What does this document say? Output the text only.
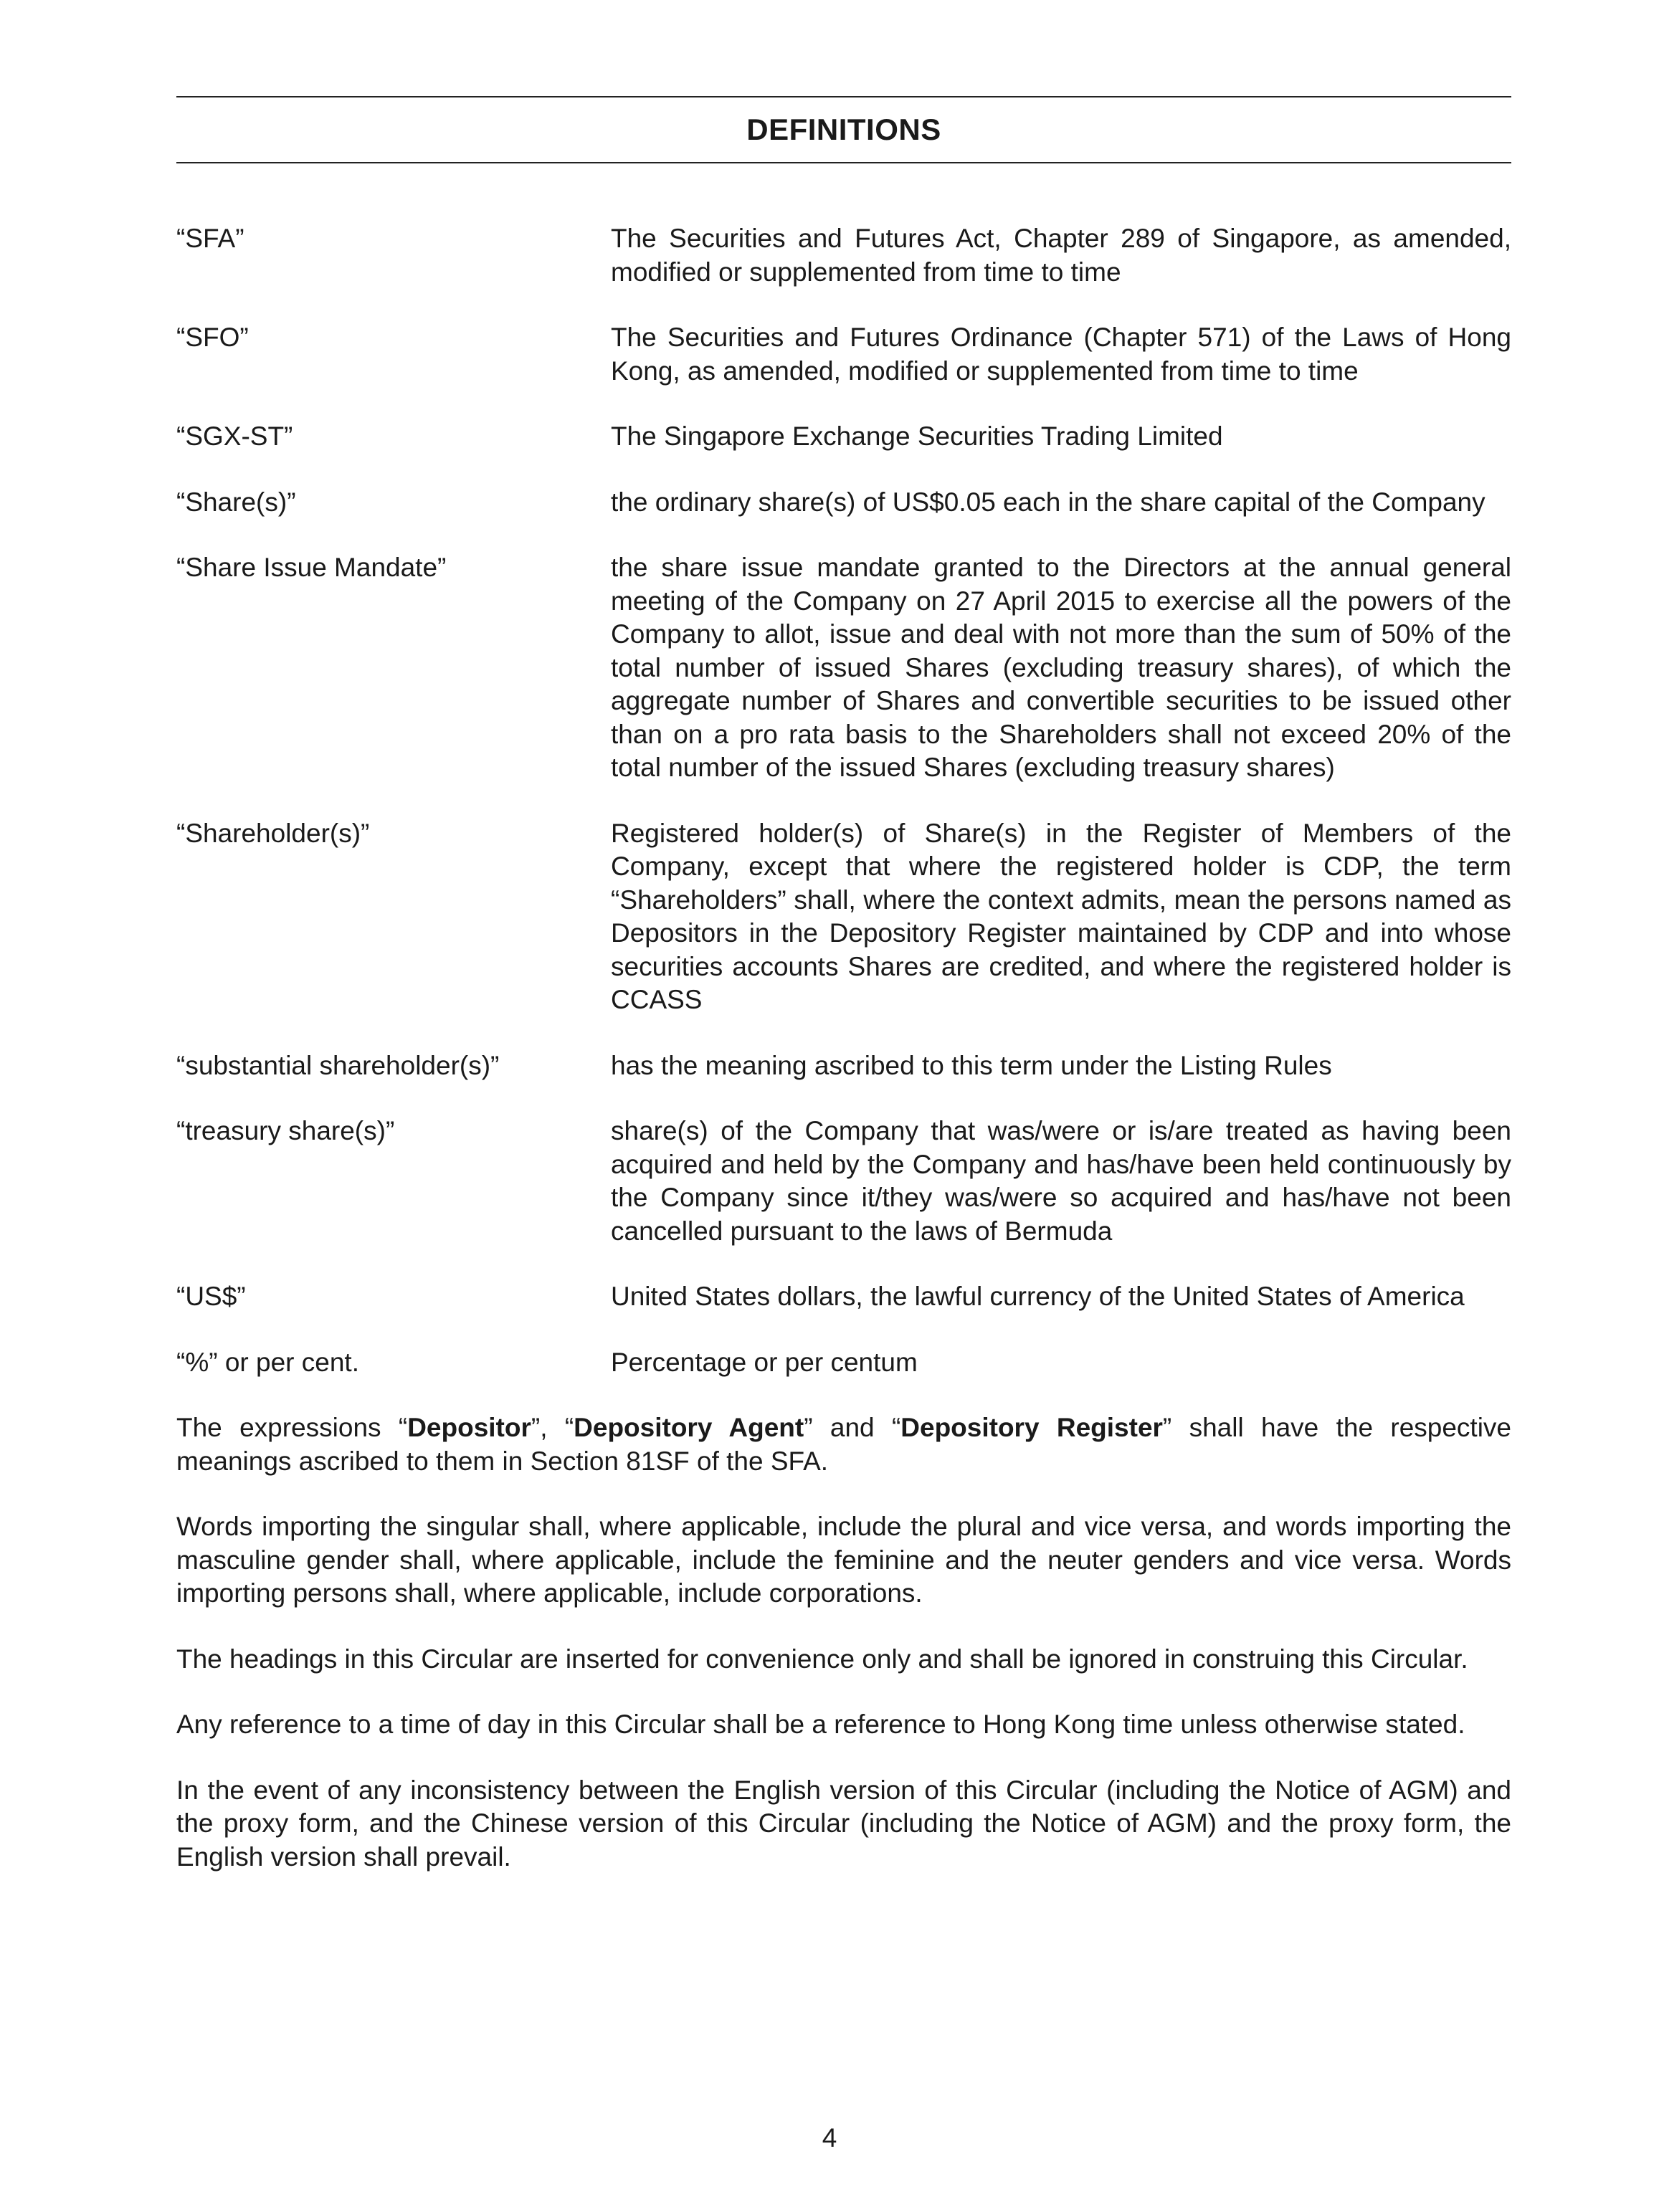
DEFINITIONS
“SFA”	The Securities and Futures Act, Chapter 289 of Singapore, as amended, modified or supplemented from time to time
“SFO”	The Securities and Futures Ordinance (Chapter 571) of the Laws of Hong Kong, as amended, modified or supplemented from time to time
“SGX-ST”	The Singapore Exchange Securities Trading Limited
“Share(s)”	the ordinary share(s) of US$0.05 each in the share capital of the Company
“Share Issue Mandate”	the share issue mandate granted to the Directors at the annual general meeting of the Company on 27 April 2015 to exercise all the powers of the Company to allot, issue and deal with not more than the sum of 50% of the total number of issued Shares (excluding treasury shares), of which the aggregate number of Shares and convertible securities to be issued other than on a pro rata basis to the Shareholders shall not exceed 20% of the total number of the issued Shares (excluding treasury shares)
“Shareholder(s)”	Registered holder(s) of Share(s) in the Register of Members of the Company, except that where the registered holder is CDP, the term “Shareholders” shall, where the context admits, mean the persons named as Depositors in the Depository Register maintained by CDP and into whose securities accounts Shares are credited, and where the registered holder is CCASS
“substantial shareholder(s)”	has the meaning ascribed to this term under the Listing Rules
“treasury share(s)”	share(s) of the Company that was/were or is/are treated as having been acquired and held by the Company and has/have been held continuously by the Company since it/they was/were so acquired and has/have not been cancelled pursuant to the laws of Bermuda
“US$”	United States dollars, the lawful currency of the United States of America
“%” or per cent.	Percentage or per centum

The expressions “Depositor”, “Depository Agent” and “Depository Register” shall have the respective meanings ascribed to them in Section 81SF of the SFA.

Words importing the singular shall, where applicable, include the plural and vice versa, and words importing the masculine gender shall, where applicable, include the feminine and the neuter genders and vice versa. Words importing persons shall, where applicable, include corporations.

The headings in this Circular are inserted for convenience only and shall be ignored in construing this Circular.

Any reference to a time of day in this Circular shall be a reference to Hong Kong time unless otherwise stated.

In the event of any inconsistency between the English version of this Circular (including the Notice of AGM) and the proxy form, and the Chinese version of this Circular (including the Notice of AGM) and the proxy form, the English version shall prevail.

4
